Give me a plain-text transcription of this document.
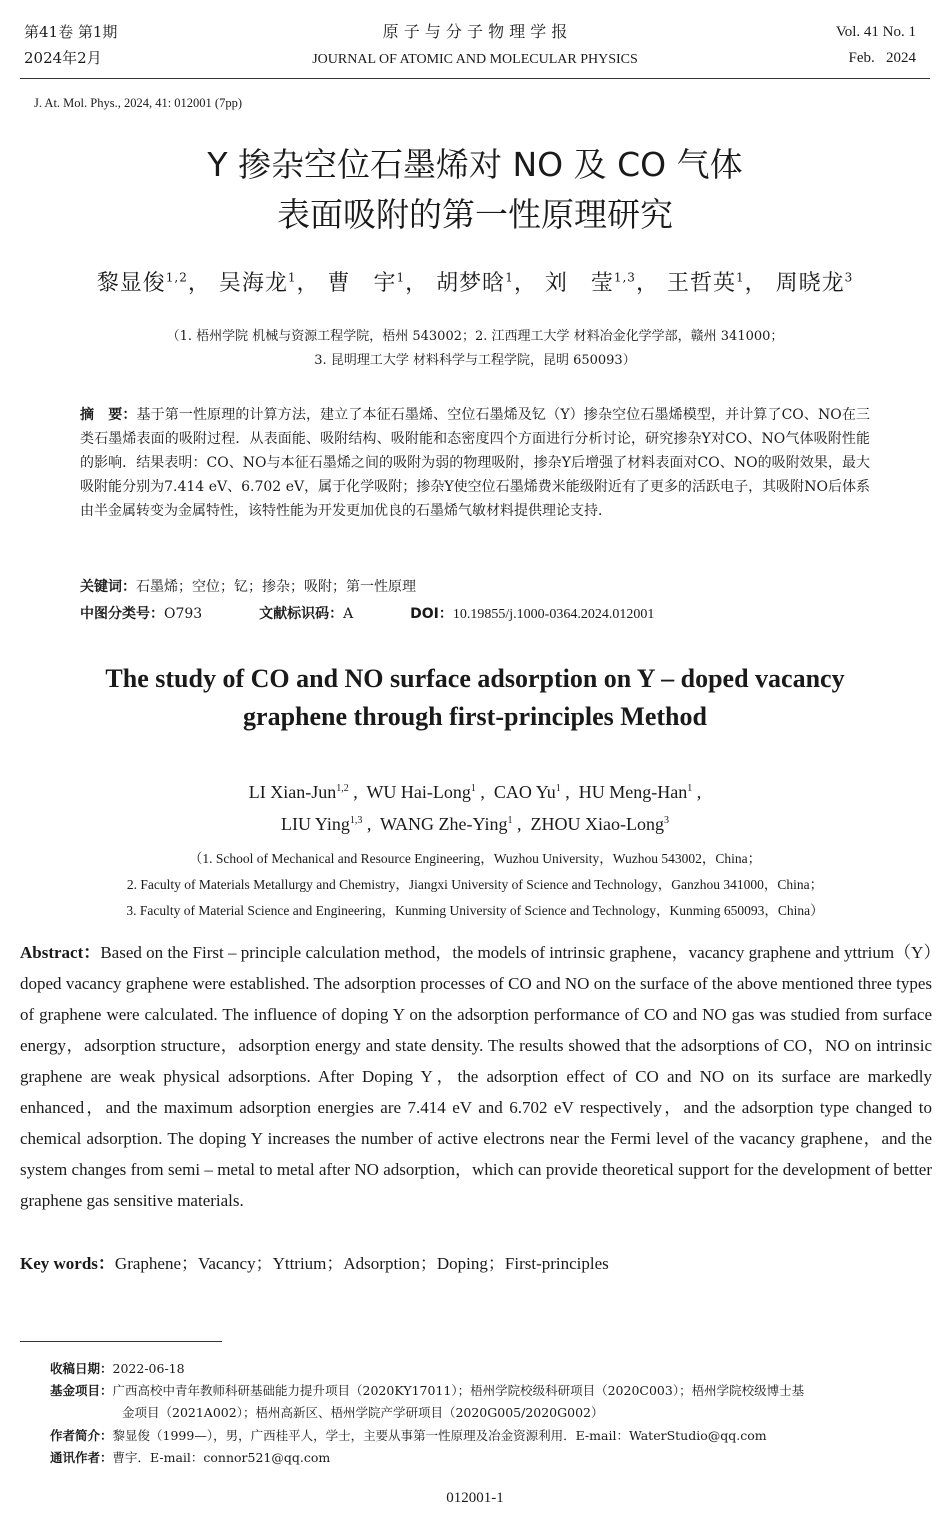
第41卷 第1期
2024年2月
原 子 与 分 子 物 理 学 报
JOURNAL OF ATOMIC AND MOLECULAR PHYSICS
Vol. 41 No. 1
Feb.   2024
J. At. Mol. Phys., 2024, 41: 012001 (7pp)
Y 掺杂空位石墨烯对 NO 及 CO 气体
表面吸附的第一性原理研究
黎显俊$^{1,2}$， 吴海龙$^1$， 曹　宇$^1$， 胡梦晗$^1$， 刘　莹$^{1,3}$， 王哲英$^1$， 周晓龙$^3$
（1. 梧州学院 机械与资源工程学院，梧州 543002；2. 江西理工大学 材料冶金化学学部，赣州 341000；
3. 昆明理工大学 材料科学与工程学院，昆明 650093）
摘　要：基于第一性原理的计算方法，建立了本征石墨烯、空位石墨烯及钇（Y）掺杂空位石墨烯模型，并计算了CO、NO在三类石墨烯表面的吸附过程．从表面能、吸附结构、吸附能和态密度四个方面进行分析讨论，研究掺杂Y对CO、NO气体吸附性能的影响．结果表明：CO、NO与本征石墨烯之间的吸附为弱的物理吸附，掺杂Y后增强了材料表面对CO、NO的吸附效果，最大吸附能分别为7.414 eV、6.702 eV，属于化学吸附；掺杂Y使空位石墨烯费米能级附近有了更多的活跃电子，其吸附NO后体系由半金属转变为金属特性，该特性能为开发更加优良的石墨烯气敏材料提供理论支持．
关键词：石墨烯；空位；钇；掺杂；吸附；第一性原理
中图分类号：O793	文献标识码：A	DOI：10.19855/j.1000-0364.2024.012001
The study of CO and NO surface adsorption on Y – doped vacancy
graphene through first-principles Method
LI Xian-Jun$^{1,2}$ ,  WU Hai-Long$^1$ ,  CAO Yu$^1$ ,  HU Meng-Han$^1$ ,
LIU Ying$^{1,3}$ ,  WANG Zhe-Ying$^1$ ,  ZHOU Xiao-Long$^3$
（1. School of Mechanical and Resource Engineering，Wuzhou University，Wuzhou 543002，China；
2. Faculty of Materials Metallurgy and Chemistry，Jiangxi University of Science and Technology，Ganzhou 341000，China；
3. Faculty of Material Science and Engineering，Kunming University of Science and Technology，Kunming 650093，China）
Abstract：Based on the First – principle calculation method，the models of intrinsic graphene，vacancy graphene and yttrium（Y）doped vacancy graphene were established. The adsorption processes of CO and NO on the surface of the above mentioned three types of graphene were calculated. The influence of doping Y on the adsorption performance of CO and NO gas was studied from surface energy，adsorption structure，adsorption energy and state density. The results showed that the adsorptions of CO，NO on intrinsic graphene are weak physical adsorptions. After Doping Y，the adsorption effect of CO and NO on its surface are markedly enhanced，and the maximum adsorption energies are 7.414 eV and 6.702 eV respectively，and the adsorption type changed to chemical adsorption. The doping Y increases the number of active electrons near the Fermi level of the vacancy graphene，and the system changes from semi – metal to metal after NO adsorption，which can provide theoretical support for the development of better graphene gas sensitive materials.
Key words：Graphene；Vacancy；Yttrium；Adsorption；Doping；First-principles
收稿日期：2022-06-18
基金项目：广西高校中青年教师科研基础能力提升项目（2020KY17011）；梧州学院校级科研项目（2020C003）；梧州学院校级博士基
金项目（2021A002）；梧州高新区、梧州学院产学研项目（2020G005/2020G002）
作者简介：黎显俊（1999—），男，广西桂平人，学士，主要从事第一性原理及冶金资源利用．E-mail：WaterStudio@qq.com
通讯作者：曹宇．E-mail：connor521@qq.com
012001-1
